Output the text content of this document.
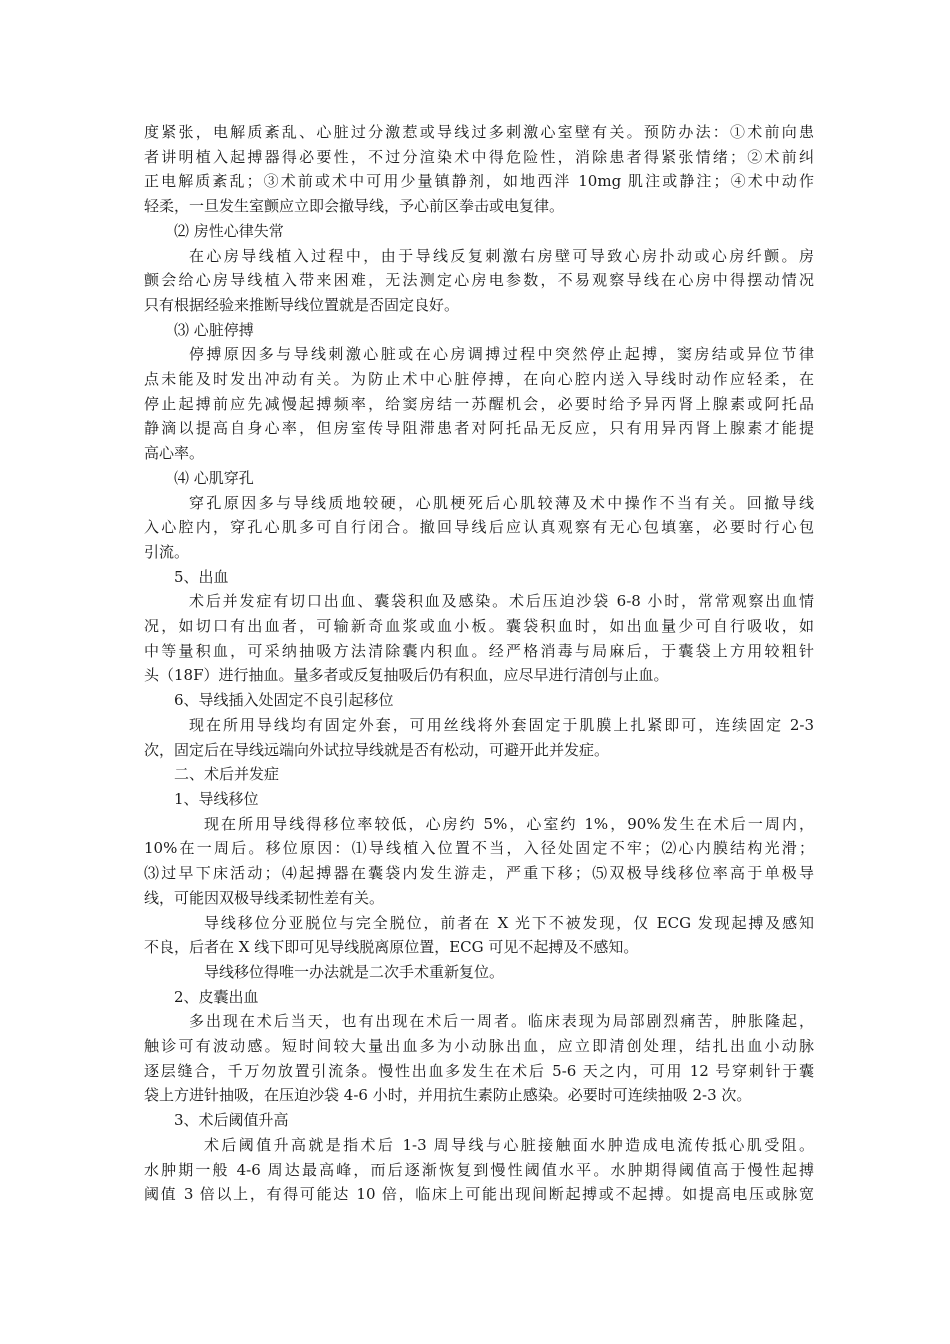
度紧张，电解质紊乱、心脏过分激惹或导线过多刺激心室壁有关。预防办法：①术前向患
者讲明植入起搏器得必要性，不过分渲染术中得危险性，消除患者得紧张情绪；②术前纠
正电解质紊乱；③术前或术中可用少量镇静剂，如地西泮 10mg 肌注或静注；④术中动作
轻柔，一旦发生室颤应立即会撤导线，予心前区拳击或电复律。
⑵ 房性心律失常
在心房导线植入过程中，由于导线反复刺激右房壁可导致心房扑动或心房纤颤。房
颤会给心房导线植入带来困难，无法测定心房电参数，不易观察导线在心房中得摆动情况
只有根据经验来推断导线位置就是否固定良好。
⑶ 心脏停搏
停搏原因多与导线刺激心脏或在心房调搏过程中突然停止起搏，窦房结或异位节律
点未能及时发出冲动有关。为防止术中心脏停搏，在向心腔内送入导线时动作应轻柔，在
停止起搏前应先减慢起搏频率，给窦房结一苏醒机会，必要时给予异丙肾上腺素或阿托品
静滴以提高自身心率，但房室传导阻滞患者对阿托品无反应，只有用异丙肾上腺素才能提
高心率。
⑷ 心肌穿孔
穿孔原因多与导线质地较硬，心肌梗死后心肌较薄及术中操作不当有关。回撤导线
入心腔内，穿孔心肌多可自行闭合。撤回导线后应认真观察有无心包填塞，必要时行心包
引流。
5、出血
术后并发症有切口出血、囊袋积血及感染。术后压迫沙袋 6-8 小时，常常观察出血情
况，如切口有出血者，可输新奇血浆或血小板。囊袋积血时，如出血量少可自行吸收，如
中等量积血，可采纳抽吸方法清除囊内积血。经严格消毒与局麻后，于囊袋上方用较粗针
头（18F）进行抽血。量多者或反复抽吸后仍有积血，应尽早进行清创与止血。
6、导线插入处固定不良引起移位
现在所用导线均有固定外套，可用丝线将外套固定于肌膜上扎紧即可，连续固定 2-3
次，固定后在导线远端向外试拉导线就是否有松动，可避开此并发症。
二、术后并发症
1、导线移位
现在所用导线得移位率较低，心房约 5%，心室约 1%，90%发生在术后一周内，
10%在一周后。移位原因：⑴导线植入位置不当，入径处固定不牢；⑵心内膜结构光滑；
⑶过早下床活动；⑷起搏器在囊袋内发生游走，严重下移；⑸双极导线移位率高于单极导
线，可能因双极导线柔韧性差有关。
导线移位分亚脱位与完全脱位，前者在 X 光下不被发现，仅 ECG 发现起搏及感知
不良，后者在 X 线下即可见导线脱离原位置，ECG 可见不起搏及不感知。
导线移位得唯一办法就是二次手术重新复位。
2、皮囊出血
多出现在术后当天，也有出现在术后一周者。临床表现为局部剧烈痛苦，肿胀隆起，
触诊可有波动感。短时间较大量出血多为小动脉出血，应立即清创处理，结扎出血小动脉
逐层缝合，千万勿放置引流条。慢性出血多发生在术后 5-6 天之内，可用 12 号穿刺针于囊
袋上方进针抽吸，在压迫沙袋 4-6 小时，并用抗生素防止感染。必要时可连续抽吸 2-3 次。
3、术后阈值升高
术后阈值升高就是指术后 1-3 周导线与心脏接触面水肿造成电流传抵心肌受阻。
水肿期一般 4-6 周达最高峰，而后逐渐恢复到慢性阈值水平。水肿期得阈值高于慢性起搏
阈值 3 倍以上，有得可能达 10 倍，临床上可能出现间断起搏或不起搏。如提高电压或脉宽
